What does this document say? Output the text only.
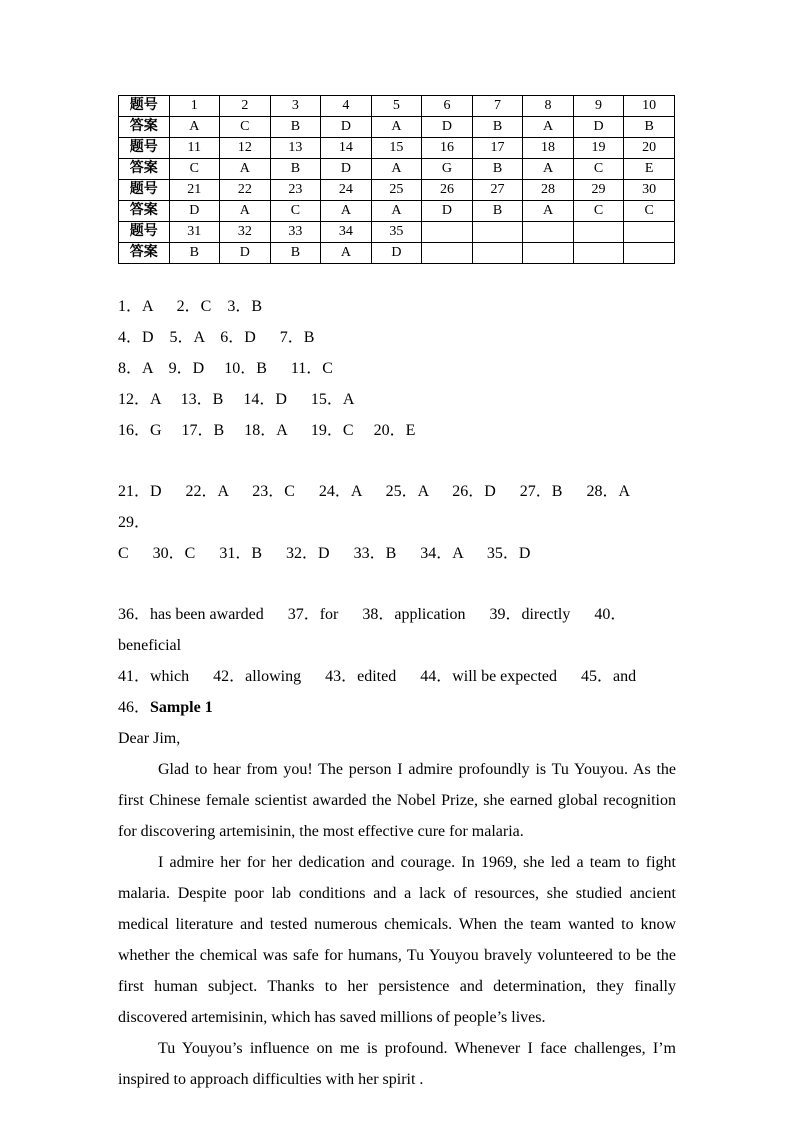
题号	1	2	3	4	5	6	7	8	9	10
答案	A	C	B	D	A	D	B	A	D	B
题号	11	12	13	14	15	16	17	18	19	20
答案	C	A	B	D	A	G	B	A	C	E
题号	21	22	23	24	25	26	27	28	29	30
答案	D	A	C	A	A	D	B	A	C	C
题号	31	32	33	34	35					
答案	B	D	B	A	D					

1．A      2．C    3．B

4．D    5．A    6．D      7．B

8．A    9．D     10．B      11．C

12．A     13．B     14．D      15．A

16．G     17．B     18．A      19．C     20．E

21．D      22．A      23．C      24．A      25．A      26．D      27．B      28．A      29．

C      30．C      31．B      32．D      33．B      34．A      35．D

36．has been awarded      37．for      38．application      39．directly      40．beneficial

41．which      42．allowing      43．edited      44．will be expected      45．and

46．Sample 1

Dear Jim,

Glad to hear from you! The person I admire profoundly is Tu Youyou. As the first Chinese female scientist awarded the Nobel Prize, she earned global recognition for discovering artemisinin, the most effective cure for malaria.

I admire her for her dedication and courage. In 1969, she led a team to fight malaria. Despite poor lab conditions and a lack of resources, she studied ancient medical literature and tested numerous chemicals. When the team wanted to know whether the chemical was safe for humans, Tu Youyou bravely volunteered to be the first human subject. Thanks to her persistence and determination, they finally discovered artemisinin, which has saved millions of people’s lives.

Tu Youyou’s influence on me is profound. Whenever I face challenges, I’m inspired to approach difficulties with her spirit .
